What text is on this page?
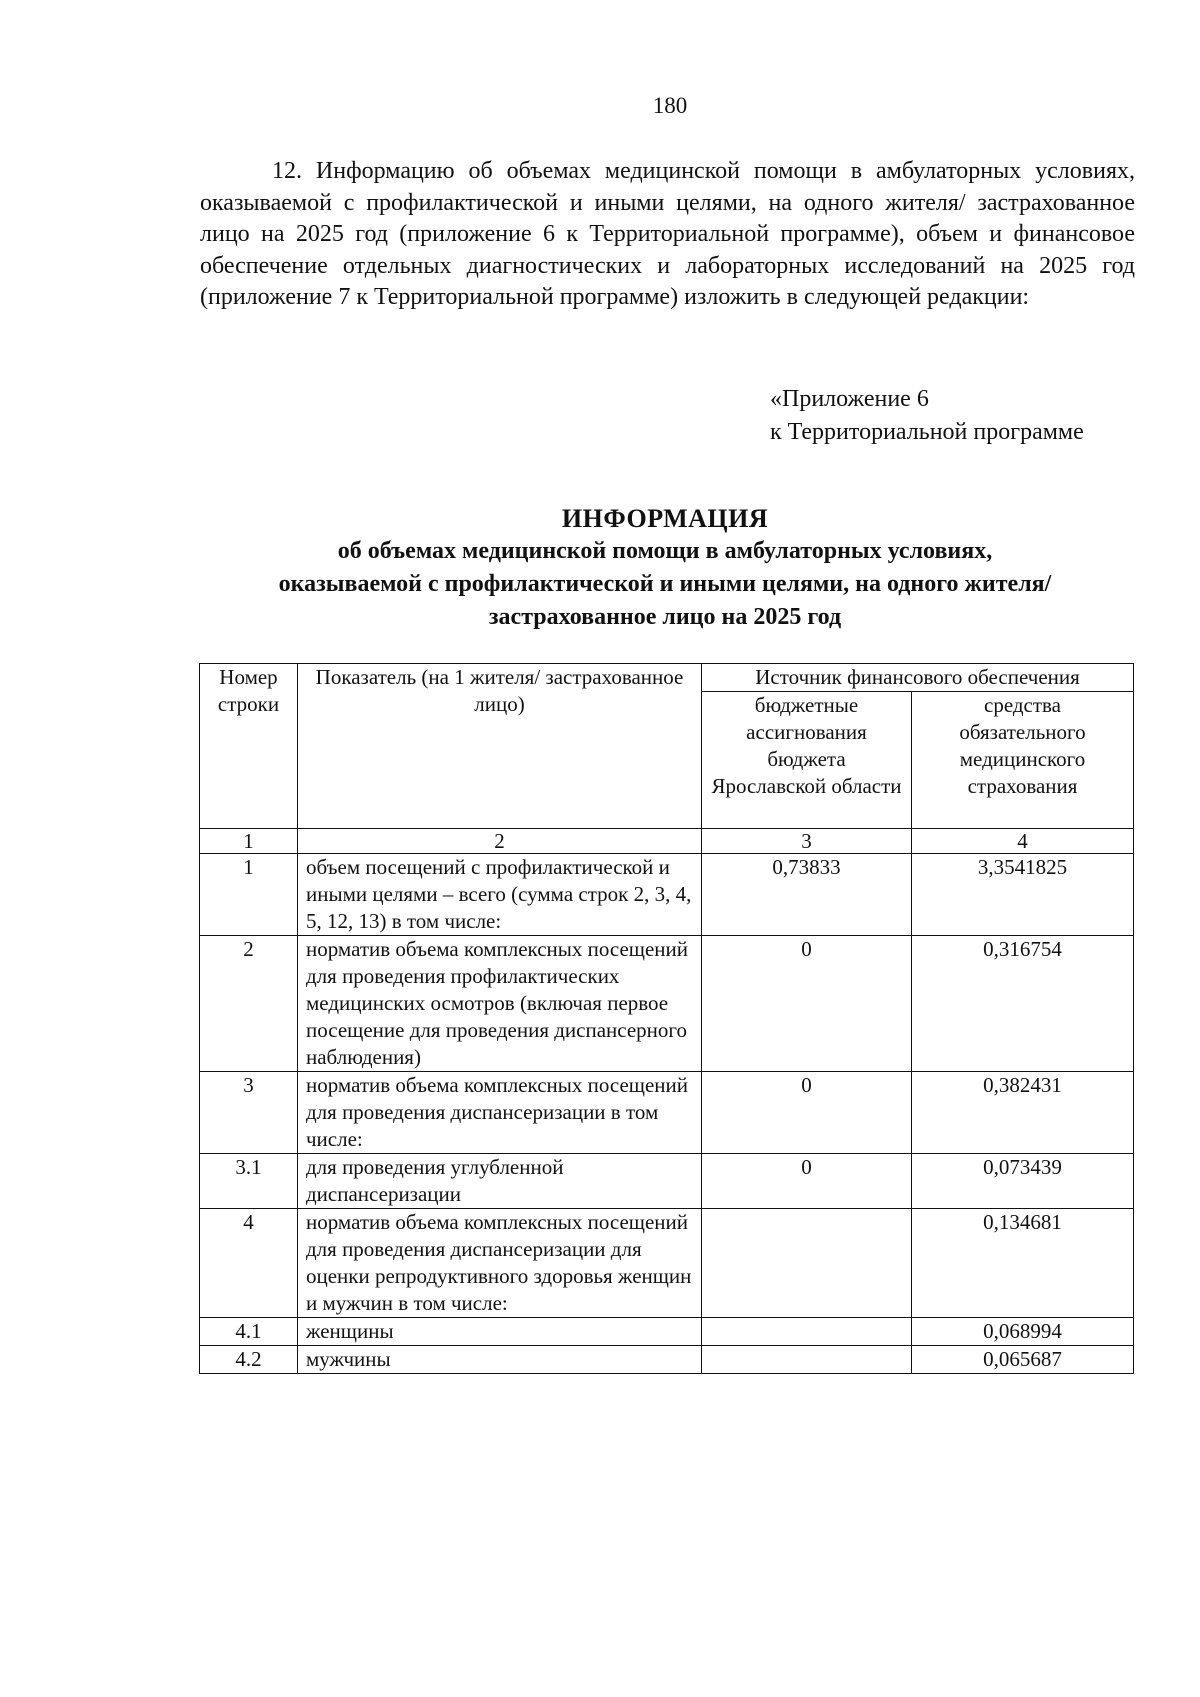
180

12. Информацию об объемах медицинской помощи в амбулаторных условиях, оказываемой с профилактической и иными целями, на одного жителя/ застрахованное лицо на 2025 год (приложение 6 к Территориальной программе), объем и финансовое обеспечение отдельных диагностических и лабораторных исследований на 2025 год (приложение 7 к Территориальной программе) изложить в следующей редакции:

«Приложение 6
к Территориальной программе
ИНФОРМАЦИЯ
об объемах медицинской помощи в амбулаторных условиях,
оказываемой с профилактической и иными целями, на одного жителя/
застрахованное лицо на 2025 год
Номер строки	Показатель (на 1 жителя/ застрахованное лицо)	Источник финансового обеспечения	
		бюджетные ассигнования бюджета Ярославской области	средства обязательного медицинского страхования
1	2	3	4
1	объем посещений с профилактической и иными целями – всего (сумма строк 2, 3, 4, 5, 12, 13) в том числе:	0,73833	3,3541825
2	норматив объема комплексных посещений для проведения профилактических медицинских осмотров (включая первое посещение для проведения диспансерного наблюдения)	0	0,316754
3	норматив объема комплексных посещений для проведения диспансеризации в том числе:	0	0,382431
3.1	для проведения углубленной диспансеризации	0	0,073439
4	норматив объема комплексных посещений для проведения диспансеризации для оценки репродуктивного здоровья женщин и мужчин в том числе:		0,134681
4.1	женщины		0,068994
4.2	мужчины		0,065687
